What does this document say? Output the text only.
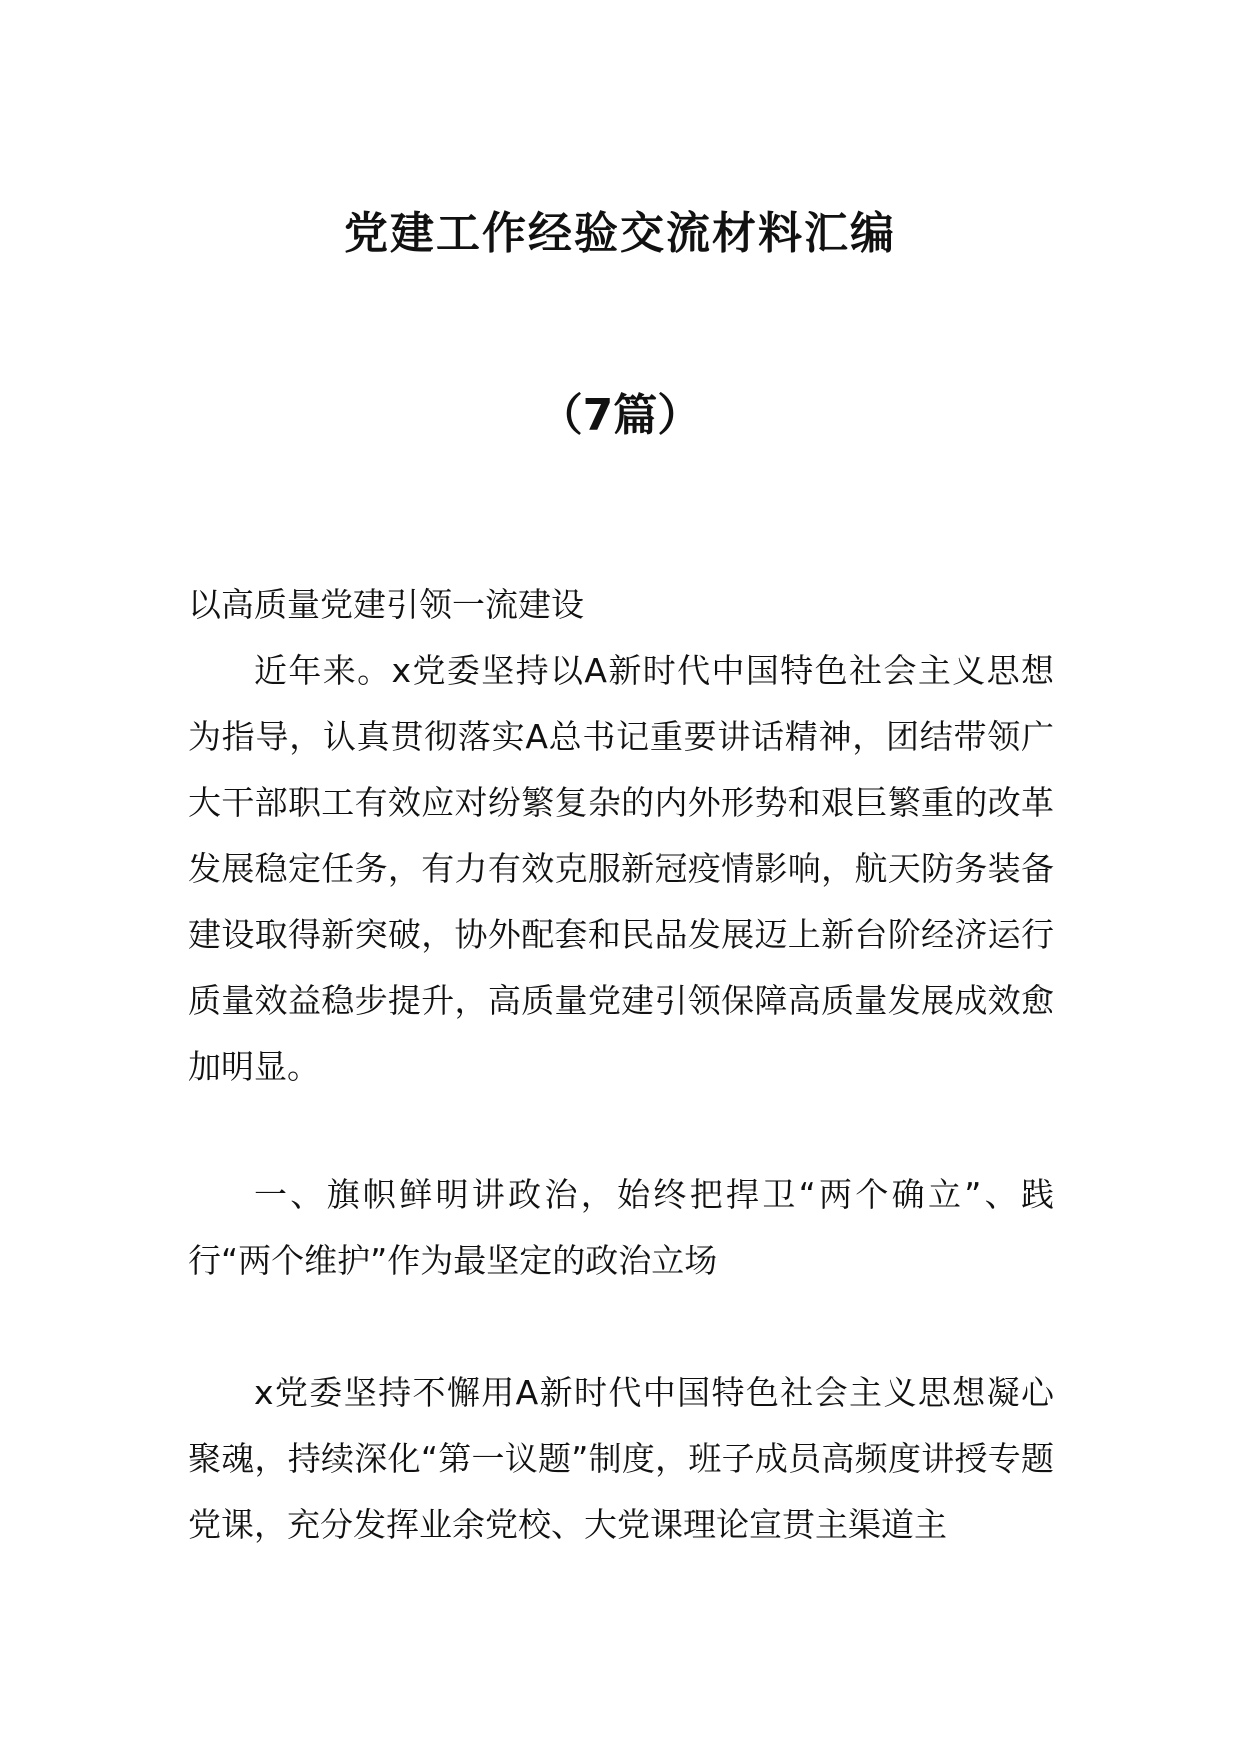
党建工作经验交流材料汇编
（7篇）
以高质量党建引领一流建设

近年来。x党委坚持以A新时代中国特色社会主义思想为指导，认真贯彻落实A总书记重要讲话精神，团结带领广大干部职工有效应对纷繁复杂的内外形势和艰巨繁重的改革发展稳定任务，有力有效克服新冠疫情影响，航天防务装备建设取得新突破，协外配套和民品发展迈上新台阶经济运行质量效益稳步提升，高质量党建引领保障高质量发展成效愈加明显。

一、旗帜鲜明讲政治，始终把捍卫“两个确立”、践行“两个维护”作为最坚定的政治立场

x党委坚持不懈用A新时代中国特色社会主义思想凝心聚魂，持续深化“第一议题”制度，班子成员高频度讲授专题党课，充分发挥业余党校、大党课理论宣贯主渠道主
